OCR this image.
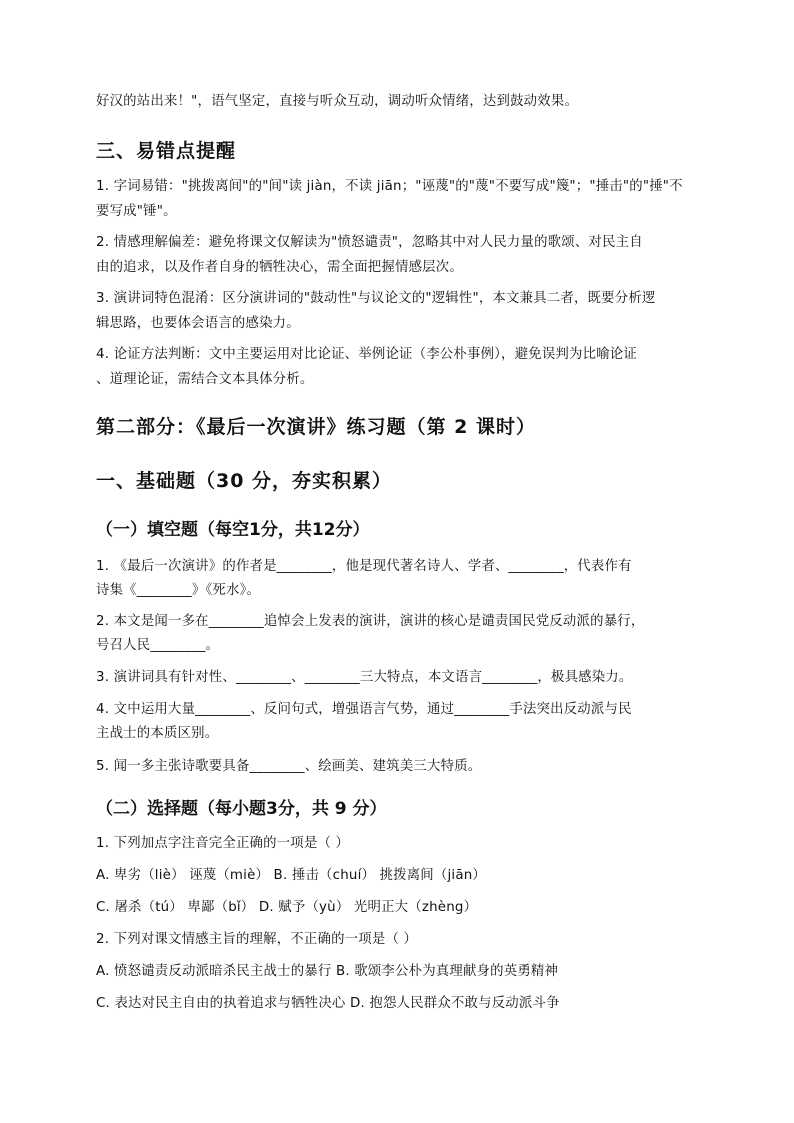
好汉的站出来！"，语气坚定，直接与听众互动，调动听众情绪，达到鼓动效果。

三、易错点提醒

1. 字词易错："挑拨离间"的"间"读 jiàn，不读 jiān；"诬蔑"的"蔑"不要写成"篾"；"捶击"的"捶"不

要写成"锤"。

2. 情感理解偏差：避免将课文仅解读为"愤怒谴责"，忽略其中对人民力量的歌颂、对民主自

由的追求，以及作者自身的牺牲决心，需全面把握情感层次。

3. 演讲词特色混淆：区分演讲词的"鼓动性"与议论文的"逻辑性"，本文兼具二者，既要分析逻

辑思路，也要体会语言的感染力。

4. 论证方法判断：文中主要运用对比论证、举例论证（李公朴事例），避免误判为比喻论证

、道理论证，需结合文本具体分析。

第二部分：《最后一次演讲》练习题（第 2 课时）
一、基础题（30 分，夯实积累）
（一）填空题（每空1分，共12分）

1. 《最后一次演讲》的作者是________，他是现代著名诗人、学者、________，代表作有

诗集《________》《死水》。

2. 本文是闻一多在________追悼会上发表的演讲，演讲的核心是谴责国民党反动派的暴行，

号召人民________。

3. 演讲词具有针对性、________、________三大特点，本文语言________，极具感染力。

4. 文中运用大量________、反问句式，增强语言气势，通过________手法突出反动派与民

主战士的本质区别。

5. 闻一多主张诗歌要具备________、绘画美、建筑美三大特质。

（二）选择题（每小题3分，共 9 分）

1. 下列加点字注音完全正确的一项是（ ）

A. 卑劣（liè） 诬蔑（miè） B. 捶击（chuí） 挑拨离间（jiān）

C. 屠杀（tú） 卑鄙（bǐ） D. 赋予（yù） 光明正大（zhèng）

2. 下列对课文情感主旨的理解，不正确的一项是（ ）

A. 愤怒谴责反动派暗杀民主战士的暴行 B. 歌颂李公朴为真理献身的英勇精神

C. 表达对民主自由的执着追求与牺牲决心 D. 抱怨人民群众不敢与反动派斗争
